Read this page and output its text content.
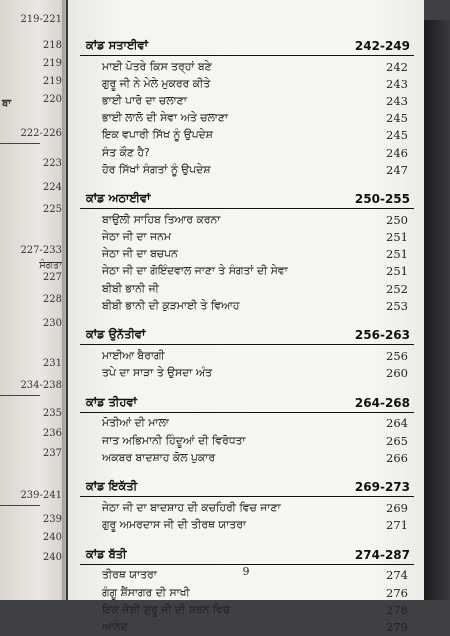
219-221
218
219
219
220
ਬਾ
222-226
223
224
225
227-233
ਸੰਗਤਾ
227
228
230
231
234-238
235
236
237
239-241
239
240
240
ਕਾਂਡ ਸਤਾਈਵਾਂ	242-249
ਮਾਈ ਪੋਤਰੇ ਕਿਸ ਤਰ੍ਹਾਂ ਬਣੇ	242
ਗੁਰੂ ਜੀ ਨੇ ਮੇਲੇ ਮੁਕਰਰ ਕੀਤੇ	243
ਭਾਈ ਪਾਰੋ ਦਾ ਚਲਾਣਾ	243
ਭਾਈ ਲਾਲੋ ਦੀ ਸੇਵਾ ਅਤੇ ਚਲਾਣਾ	245
ਇਕ ਵਪਾਰੀ ਸਿੱਖ ਨੂੰ ਉਪਦੇਸ਼	245
ਸੰਤ ਕੌਣ ਹੈ?	246
ਹੋਰ ਸਿੱਖਾਂ ਸੰਗਤਾਂ ਨੂੰ ਉਪਦੇਸ਼	247
ਕਾਂਡ ਅਠਾਈਵਾਂ	250-255
ਬਾਉਲੀ ਸਾਹਿਬ ਤਿਆਰ ਕਰਨਾ	250
ਜੇਠਾ ਜੀ ਦਾ ਜਨਮ	251
ਜੇਠਾ ਜੀ ਦਾ ਬਚਪਨ	251
ਜੇਠਾ ਜੀ ਦਾ ਗੋਇੰਦਵਾਲ ਜਾਣਾ ਤੇ ਸੰਗਤਾਂ ਦੀ ਸੇਵਾ	251
ਬੀਬੀ ਭਾਨੀ ਜੀ	252
ਬੀਬੀ ਭਾਨੀ ਦੀ ਕੁੜਮਾਈ ਤੇ ਵਿਆਹ	253
ਕਾਂਡ ਉਨੱਤੀਵਾਂ	256-263
ਮਾਈਆ ਬੈਰਾਗੀ	256
ਤਪੇ ਦਾ ਸਾੜਾ ਤੇ ਉਸਦਾ ਅੰਤ	260
ਕਾਂਡ ਤੀਹਵਾਂ	264-268
ਮੋਤੀਆਂ ਦੀ ਮਾਲਾ	264
ਜਾਤ ਅਭਿਮਾਨੀ ਹਿੰਦੂਆਂ ਦੀ ਵਿਰੋਧਤਾ	265
ਅਕਬਰ ਬਾਦਸ਼ਾਹ ਕੋਲ ਪੁਕਾਰ	266
ਕਾਂਡ ਇਕੱਤੀ	269-273
ਜੇਠਾ ਜੀ ਦਾ ਬਾਦਸ਼ਾਹ ਦੀ ਕਚਹਿਰੀ ਵਿਚ ਜਾਣਾ	269
ਗੁਰੂ ਅਮਰਦਾਸ ਜੀ ਦੀ ਤੀਰਥ ਯਾਤਰਾ	271
ਕਾਂਡ ਬੱਤੀ	274-287
ਤੀਰਥ ਯਾਤਰਾ	274
ਗੰਗੂ ਸ਼ੈਂਸਾਗਰ ਦੀ ਸਾਖੀ	276
ਇਕ ਜੋਗੀ ਗੁਰੂ ਜੀ ਦੀ ਸ਼ਰਨ ਵਿਚ	278
ਆਨੰਦ	279
9
